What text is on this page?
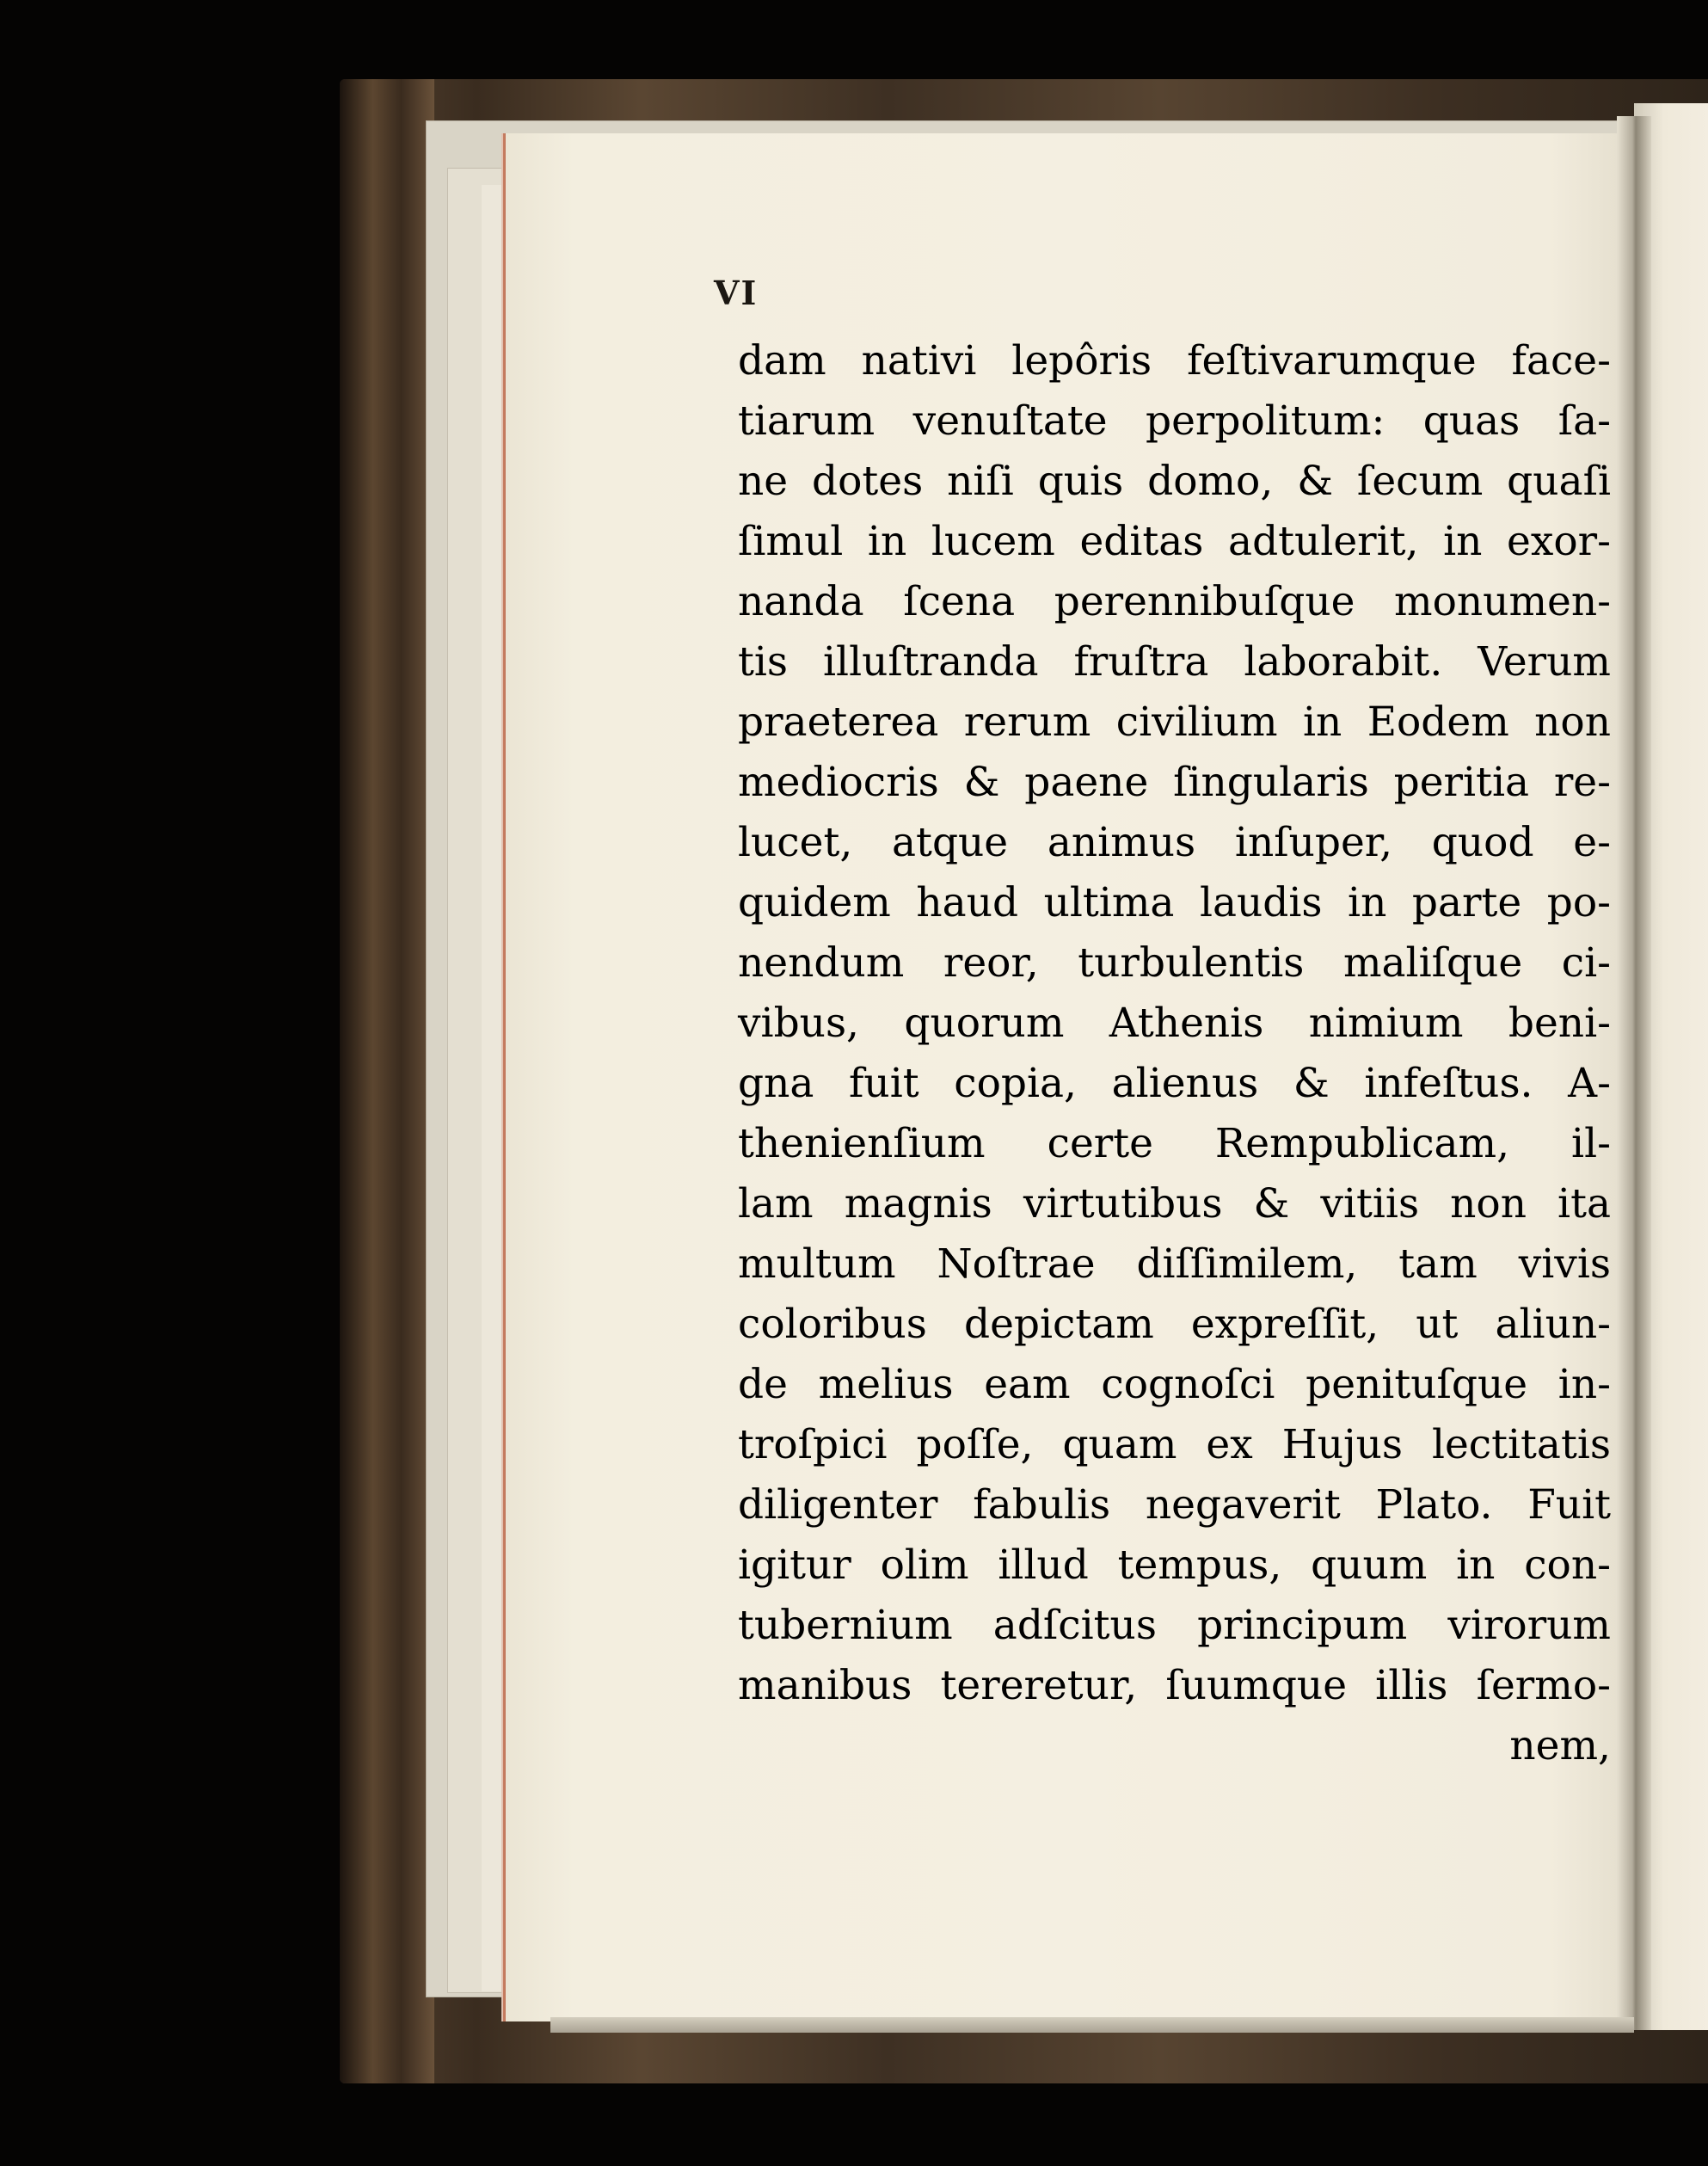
VI
dam nativi lepôris feſtivarumque face-
tiarum venuſtate perpolitum: quas ſa-
ne dotes niſi quis domo, & ſecum quaſi
ſimul in lucem editas adtulerit, in exor-
nanda ſcena perennibuſque monumen-
tis illuſtranda fruſtra laborabit. Verum
praeterea rerum civilium in Eodem non
mediocris & paene ſingularis peritia re-
lucet, atque animus inſuper, quod e-
quidem haud ultima laudis in parte po-
nendum reor, turbulentis maliſque ci-
vibus, quorum Athenis nimium beni-
gna fuit copia, alienus & infeſtus. A-
thenienſium certe Rempublicam, il-
lam magnis virtutibus & vitiis non ita
multum Noſtrae diſſimilem, tam vivis
coloribus depictam expreſſit, ut aliun-
de melius eam cognoſci penituſque in-
troſpici poſſe, quam ex Hujus lectitatis
diligenter fabulis negaverit Plato. Fuit
igitur olim illud tempus, quum in con-
tubernium adſcitus principum virorum
manibus tereretur, ſuumque illis ſermo-
nem,
